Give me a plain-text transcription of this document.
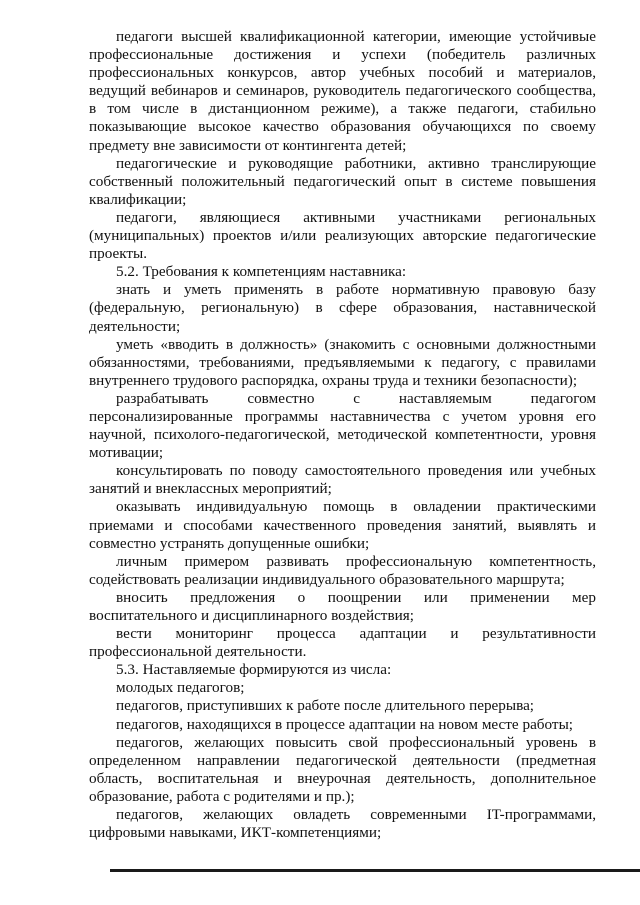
педагоги высшей квалификационной категории, имеющие устойчивые профессиональные достижения и успехи (победитель различных профессиональных конкурсов, автор учебных пособий и материалов, ведущий вебинаров и семинаров, руководитель педагогического сообщества, в том числе в дистанционном режиме), а также педагоги, стабильно показывающие высокое качество образования обучающихся по своему предмету вне зависимости от контингента детей;

педагогические и руководящие работники, активно транслирующие собственный положительный педагогический опыт в системе повышения квалификации;

педагоги, являющиеся активными участниками региональных (муниципальных) проектов и/или реализующих авторские педагогические проекты.

5.2. Требования к компетенциям наставника:

знать и уметь применять в работе нормативную правовую базу (федеральную, региональную) в сфере образования, наставнической деятельности;

уметь «вводить в должность» (знакомить с основными должностными обязанностями, требованиями, предъявляемыми к педагогу, с правилами внутреннего трудового распорядка, охраны труда и техники безопасности);

разрабатывать совместно с наставляемым педагогом персонализированные программы наставничества с учетом уровня его научной, психолого-педагогической, методической компетентности, уровня мотивации;

консультировать по поводу самостоятельного проведения или учебных занятий и внеклассных мероприятий;

оказывать индивидуальную помощь в овладении практическими приемами и способами качественного проведения занятий, выявлять и совместно устранять допущенные ошибки;

личным примером развивать профессиональную компетентность, содействовать реализации индивидуального образовательного маршрута;

вносить предложения о поощрении или применении мер воспитательного и дисциплинарного воздействия;

вести мониторинг процесса адаптации и результативности профессиональной деятельности.

5.3. Наставляемые формируются из числа:

молодых педагогов;

педагогов, приступивших к работе после длительного перерыва;

педагогов, находящихся в процессе адаптации на новом месте работы;

педагогов, желающих повысить свой профессиональный уровень в определенном направлении педагогической деятельности (предметная область, воспитательная и внеурочная деятельность, дополнительное образование, работа с родителями и пр.);

педагогов, желающих овладеть современными IT-программами, цифровыми навыками, ИКТ-компетенциями;
